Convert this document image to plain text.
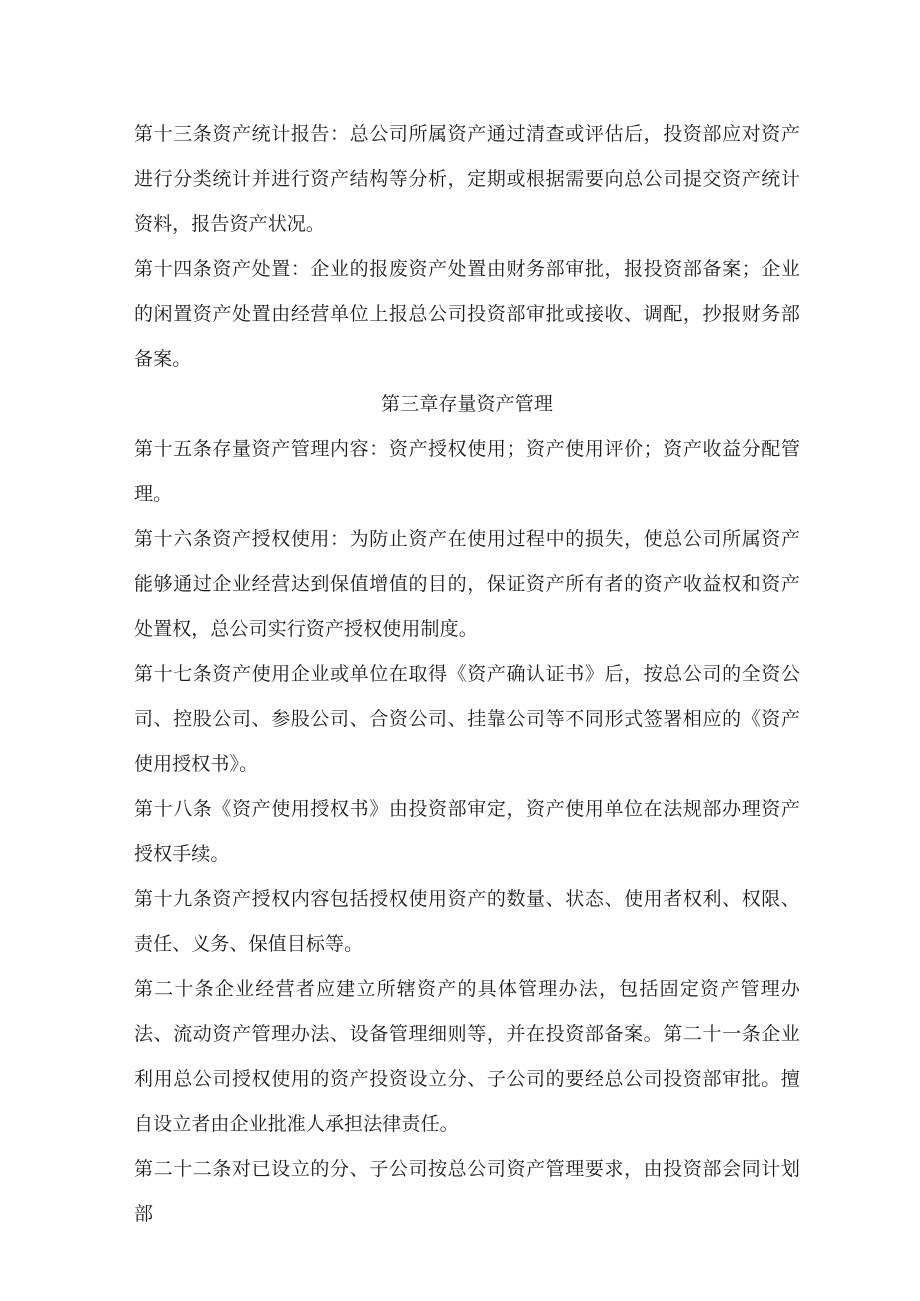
第十三条资产统计报告：总公司所属资产通过清查或评估后，投资部应对资产进行分类统计并进行资产结构等分析，定期或根据需要向总公司提交资产统计资料，报告资产状况。

第十四条资产处置：企业的报废资产处置由财务部审批，报投资部备案；企业的闲置资产处置由经营单位上报总公司投资部审批或接收、调配，抄报财务部备案。

第三章存量资产管理

第十五条存量资产管理内容：资产授权使用；资产使用评价；资产收益分配管理。

第十六条资产授权使用：为防止资产在使用过程中的损失，使总公司所属资产能够通过企业经营达到保值增值的目的，保证资产所有者的资产收益权和资产处置权，总公司实行资产授权使用制度。

第十七条资产使用企业或单位在取得《资产确认证书》后，按总公司的全资公司、控股公司、参股公司、合资公司、挂靠公司等不同形式签署相应的《资产使用授权书》。

第十八条《资产使用授权书》由投资部审定，资产使用单位在法规部办理资产授权手续。

第十九条资产授权内容包括授权使用资产的数量、状态、使用者权利、权限、责任、义务、保值目标等。

第二十条企业经营者应建立所辖资产的具体管理办法，包括固定资产管理办法、流动资产管理办法、设备管理细则等，并在投资部备案。第二十一条企业利用总公司授权使用的资产投资设立分、子公司的要经总公司投资部审批。擅自设立者由企业批准人承担法律责任。

第二十二条对已设立的分、子公司按总公司资产管理要求，由投资部会同计划部
